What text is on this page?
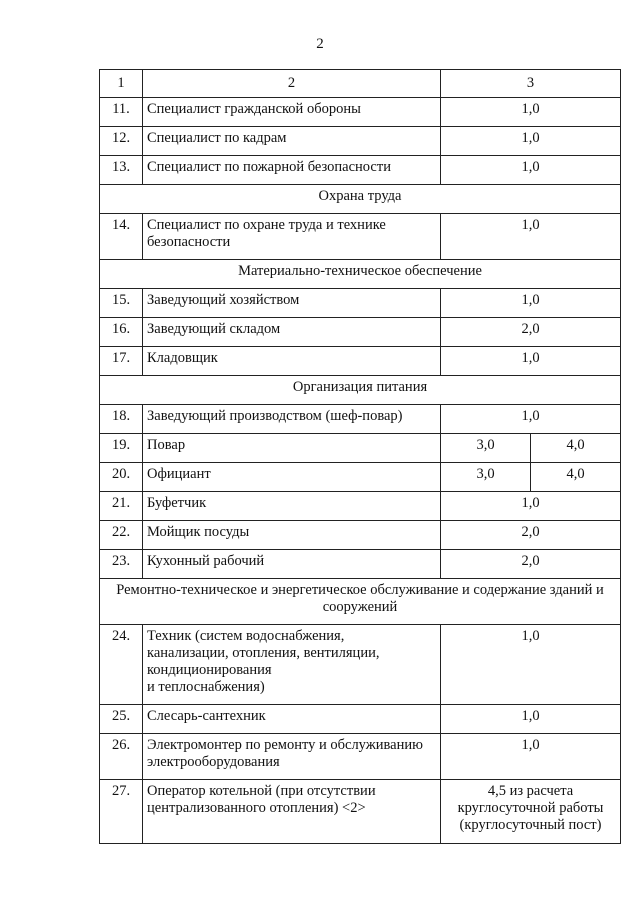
2
1	2	3	
11.	Специалист гражданской обороны	1,0	
12.	Специалист по кадрам	1,0	
13.	Специалист по пожарной безопасности	1,0	
Охрана труда			
14.	Специалист по охране труда и технике безопасности	1,0	
Материально-техническое обеспечение			
15.	Заведующий хозяйством	1,0	
16.	Заведующий складом	2,0	
17.	Кладовщик	1,0	
Организация питания			
18.	Заведующий производством (шеф-повар)	1,0	
19.	Повар	3,0	4,0
20.	Официант	3,0	4,0
21.	Буфетчик	1,0	
22.	Мойщик посуды	2,0	
23.	Кухонный рабочий	2,0	
Ремонтно-техническое и энергетическое обслуживание и содержание зданий и сооружений			
24.	Техник (систем водоснабжения,
канализации, отопления, вентиляции,
кондиционирования
и теплоснабжения)	1,0	
25.	Слесарь-сантехник	1,0	
26.	Электромонтер по ремонту и обслуживанию электрооборудования	1,0	
27.	Оператор котельной (при отсутствии централизованного отопления) <2>	4,5 из расчета
круглосуточной работы
(круглосуточный пост)	
